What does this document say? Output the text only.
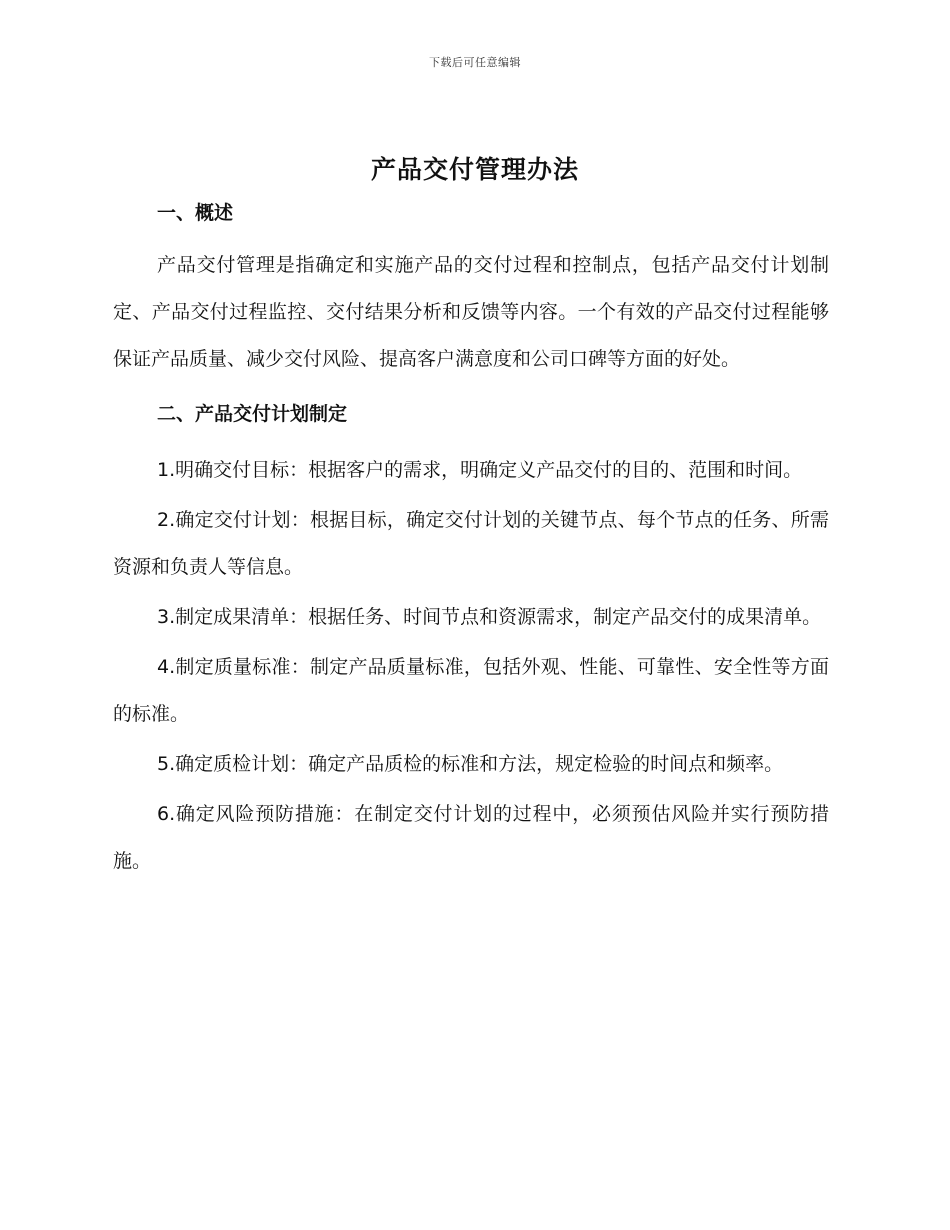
下载后可任意编辑
产品交付管理办法

一、概述

产品交付管理是指确定和实施产品的交付过程和控制点，包括产品交付计划制定、产品交付过程监控、交付结果分析和反馈等内容。一个有效的产品交付过程能够保证产品质量、减少交付风险、提高客户满意度和公司口碑等方面的好处。

二、产品交付计划制定

1.明确交付目标：根据客户的需求，明确定义产品交付的目的、范围和时间。

2.确定交付计划：根据目标，确定交付计划的关键节点、每个节点的任务、所需资源和负责人等信息。

3.制定成果清单：根据任务、时间节点和资源需求，制定产品交付的成果清单。

4.制定质量标准：制定产品质量标准，包括外观、性能、可靠性、安全性等方面的标准。

5.确定质检计划：确定产品质检的标准和方法，规定检验的时间点和频率。

6.确定风险预防措施：在制定交付计划的过程中，必须预估风险并实行预防措施。
